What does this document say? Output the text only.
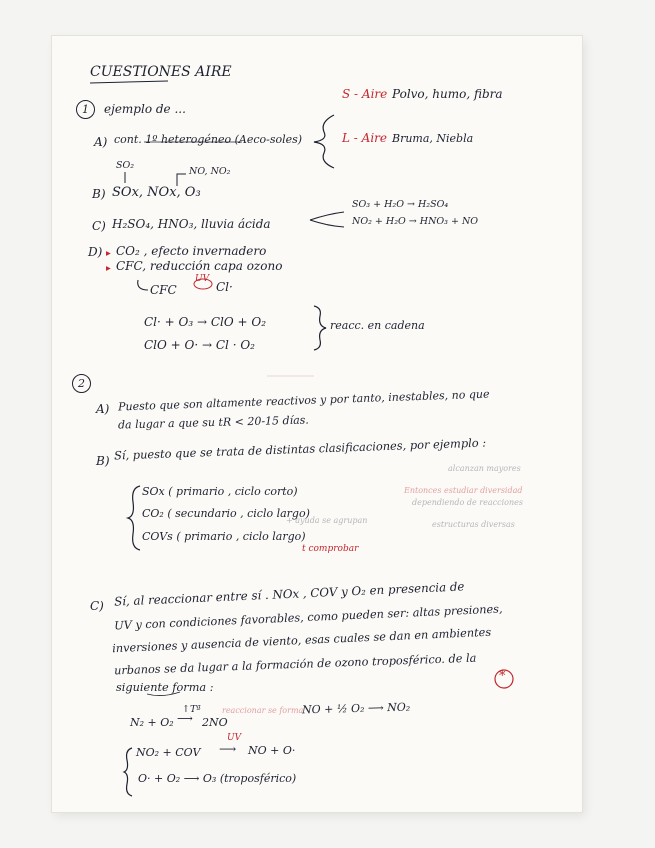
CUESTIONES AIRE
1	ejemplo de ...
S - Aire Polvo, humo, fibra
A) cont. 1º heterogéneo (Aeco-soles)	L - Aire Bruma, Niebla
SO₂
NO, NO₂
B) SOx, NOx, O₃
C) H₂SO₄, HNO₃, lluvia ácida
SO₃ + H₂O → H₂SO₄
NO₂ + H₂O → HNO₃ + NO
D) ▸ CO₂ , efecto invernadero
▸ CFC, reducción capa ozono
CFC
UV
Cl·
Cl· + O₃ → ClO + O₂
ClO + O· → Cl · O₂
reacc. en cadena
2
A) Puesto que son altamente reactivos y por tanto, inestables, no que
da lugar a que su tR < 20-15 días.
B) Sí, puesto que se trata de distintas clasificaciones, por ejemplo :
SOx ( primario , ciclo corto)
CO₂ ( secundario , ciclo largo)
COVs ( primario , ciclo largo)
t comprobar
alcanzan mayores
Entonces estudiar diversidad
dependiendo de reacciones
estructuras diversas
+ ayuda se agrupan
C) Sí, al reaccionar entre sí . NOx , COV y O₂ en presencia de
UV y con condiciones favorables, como pueden ser: altas presiones,
inversiones y ausencia de viento, esas cuales se dan en ambientes
urbanos se da lugar a la formación de ozono troposférico. de la
siguiente forma :
*
reaccionar se forma
N₂ + O₂
↑Tª
⟶ 2NO
NO + ½ O₂ ⟶ NO₂
NO₂ + COV
UV
⟶ NO + O·
O· + O₂ ⟶ O₃ (troposférico)
